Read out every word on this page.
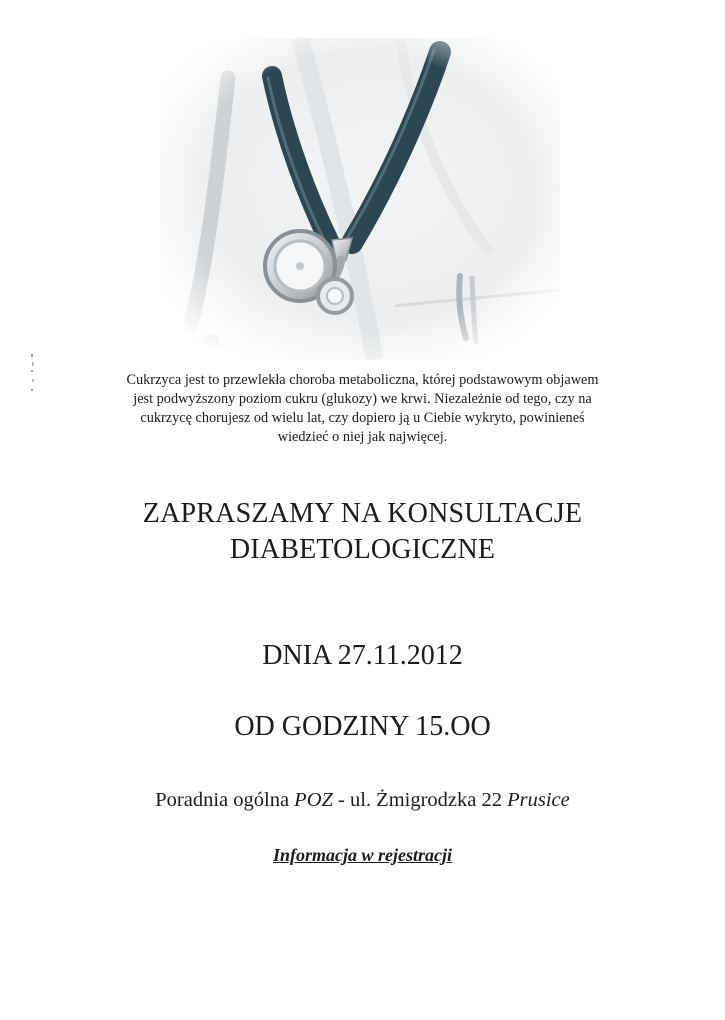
Cukrzyca jest to przewlekła choroba metaboliczna, której podstawowym objawem
jest podwyższony poziom cukru (glukozy) we krwi. Niezależnie od tego, czy na
cukrzycę chorujesz od wielu lat, czy dopiero ją u Ciebie wykryto, powinieneś
wiedzieć o niej jak najwięcej.
ZAPRASZAMY NA KONSULTACJE
DIABETOLOGICZNE
DNIA 27.11.2012
OD GODZINY 15.OO
Poradnia ogólna POZ - ul. Żmigrodzka 22 Prusice
Informacja w rejestracji
